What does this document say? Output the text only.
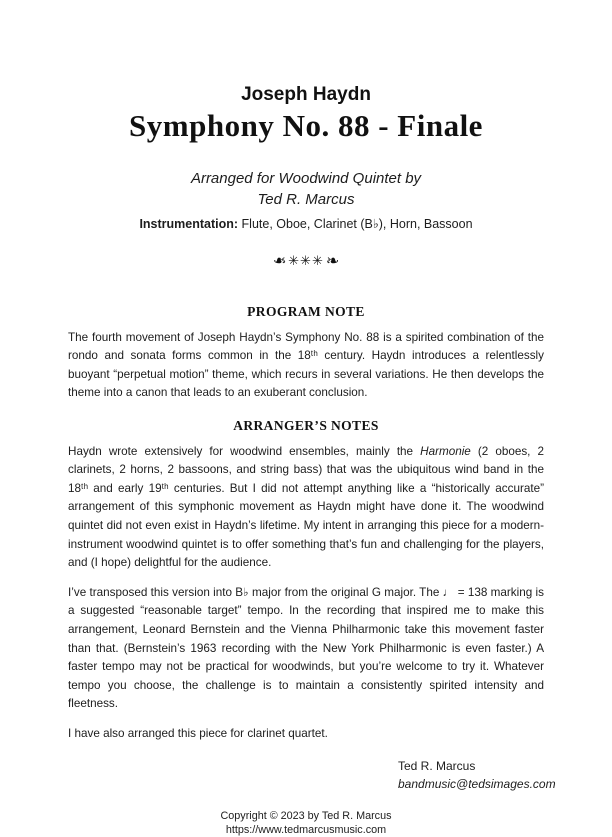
Joseph Haydn
Symphony No. 88 - Finale
Arranged for Woodwind Quintet by
Ted R. Marcus
Instrumentation: Flute, Oboe, Clarinet (B♭), Horn, Bassoon
❧ ✳✳✳ ❧
PROGRAM NOTE

The fourth movement of Joseph Haydn’s Symphony No. 88 is a spirited combination of the rondo and sonata forms common in the 18ᵗʰ century. Haydn introduces a relentlessly buoyant “perpetual motion” theme, which recurs in several variations. He then develops the theme into a canon that leads to an exuberant conclusion.

ARRANGER’S NOTES

Haydn wrote extensively for woodwind ensembles, mainly the Harmonie (2 oboes, 2 clarinets, 2 horns, 2 bassoons, and string bass) that was the ubiquitous wind band in the 18ᵗʰ and early 19ᵗʰ centuries. But I did not attempt anything like a “historically accurate” arrangement of this symphonic movement as Haydn might have done it. The woodwind quintet did not even exist in Haydn’s lifetime. My intent in arranging this piece for a modern-instrument woodwind quintet is to offer something that’s fun and challenging for the players, and (I hope) delightful for the audience.

I’ve transposed this version into B♭ major from the original G major. The ♩ = 138 marking is a suggested “reasonable target” tempo. In the recording that inspired me to make this arrangement, Leonard Bernstein and the Vienna Philharmonic take this movement faster than that. (Bernstein’s 1963 recording with the New York Philharmonic is even faster.) A faster tempo may not be practical for woodwinds, but you’re welcome to try it. Whatever tempo you choose, the challenge is to maintain a consistently spirited intensity and fleetness.

I have also arranged this piece for clarinet quartet.

Ted R. Marcus
bandmusic@tedsimages.com
Copyright © 2023 by Ted R. Marcus
https://www.tedmarcusmusic.com
